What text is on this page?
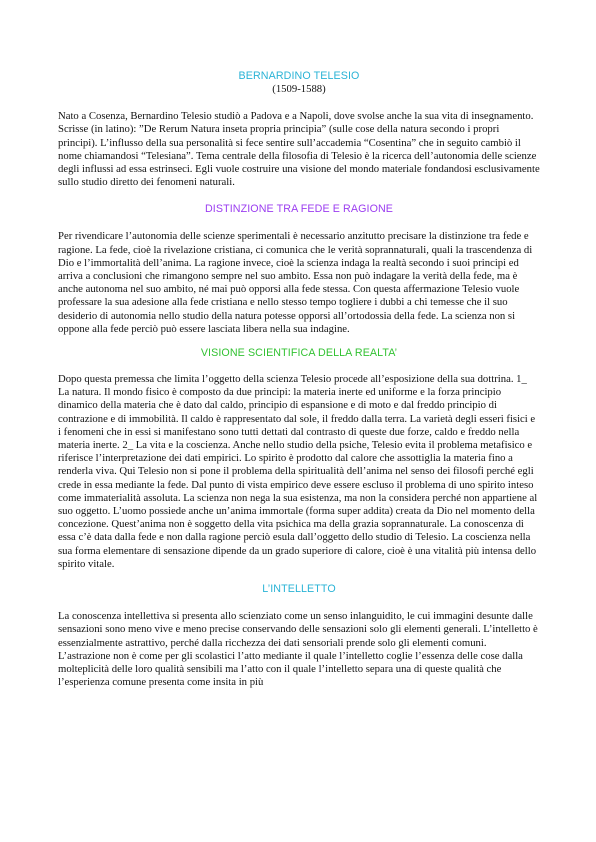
BERNARDINO TELESIO
(1509-1588)

Nato a Cosenza, Bernardino Telesio studiò a Padova e a Napoli, dove svolse anche la sua vita di insegnamento. Scrisse (in latino): ”De Rerum Natura inseta propria principia” (sulle cose della natura secondo i propri principi). L’influsso della sua personalità si fece sentire sull’accademia “Cosentina” che in seguito cambiò il nome chiamandosi “Telesiana”. Tema centrale della filosofia di Telesio è la ricerca dell’autonomia delle scienze degli influssi ad essa estrinseci. Egli vuole costruire una visione del mondo materiale fondandosi esclusivamente sullo studio diretto dei fenomeni naturali.

DISTINZIONE TRA FEDE E RAGIONE

Per rivendicare l’autonomia delle scienze sperimentali è necessario anzitutto precisare la distinzione tra fede e ragione. La fede, cioè la rivelazione cristiana, ci comunica che le verità soprannaturali, quali la trascendenza di Dio e l’immortalità dell’anima. La ragione invece, cioè la scienza indaga la realtà secondo i suoi principi ed arriva a conclusioni che rimangono sempre nel suo ambito. Essa non può indagare la verità della fede, ma è anche autonoma nel suo ambito, né mai può opporsi alla fede stessa. Con questa affermazione Telesio vuole professare la sua adesione alla fede cristiana e nello stesso tempo togliere i dubbi a chi temesse che il suo desiderio di autonomia nello studio della natura potesse opporsi all’ortodossia della fede. La scienza non si oppone alla fede perciò può essere lasciata libera nella sua indagine.

VISIONE SCIENTIFICA DELLA REALTA’

Dopo questa premessa che limita l’oggetto della scienza Telesio procede all’esposizione della sua dottrina. 1_ La natura. Il mondo fisico è composto da due principi: la materia inerte ed uniforme e la forza principio dinamico della materia che è dato dal caldo, principio di espansione e di moto e dal freddo principio di contrazione e di immobilità. Il caldo è rappresentato dal sole, il freddo dalla terra. La varietà degli esseri fisici e i fenomeni che in essi si manifestano sono tutti dettati dal contrasto di queste due forze, caldo e freddo nella materia inerte. 2_ La vita e la coscienza. Anche nello studio della psiche, Telesio evita il problema metafisico e riferisce l’interpretazione dei dati empirici. Lo spirito è prodotto dal calore che assottiglia la materia fino a renderla viva. Qui Telesio non si pone il problema della spiritualità dell’anima nel senso dei filosofi perché egli crede in essa mediante la fede. Dal punto di vista empirico deve essere escluso il problema di uno spirito inteso come immaterialità assoluta. La scienza non nega la sua esistenza, ma non la considera perché non appartiene al suo oggetto. L’uomo possiede anche un’anima immortale (forma super addita) creata da Dio nel momento della concezione. Quest’anima non è soggetto della vita psichica ma della grazia soprannaturale. La conoscenza di essa c’è data dalla fede e non dalla ragione perciò esula dall’oggetto dello studio di Telesio. La coscienza nella sua forma elementare di sensazione dipende da un grado superiore di calore, cioè è una vitalità più intensa dello spirito vitale.

L’INTELLETTO

La conoscenza intellettiva si presenta allo scienziato come un senso inlanguidito, le cui immagini desunte dalle sensazioni sono meno vive e meno precise conservando delle sensazioni solo gli elementi generali. L’intelletto è essenzialmente astrattivo, perché dalla ricchezza dei dati sensoriali prende solo gli elementi comuni. L’astrazione non è come per gli scolastici l’atto mediante il quale l’intelletto coglie l’essenza delle cose dalla molteplicità delle loro qualità sensibili ma l’atto con il quale l’intelletto separa una di queste qualità che l’esperienza comune presenta come insita in più
